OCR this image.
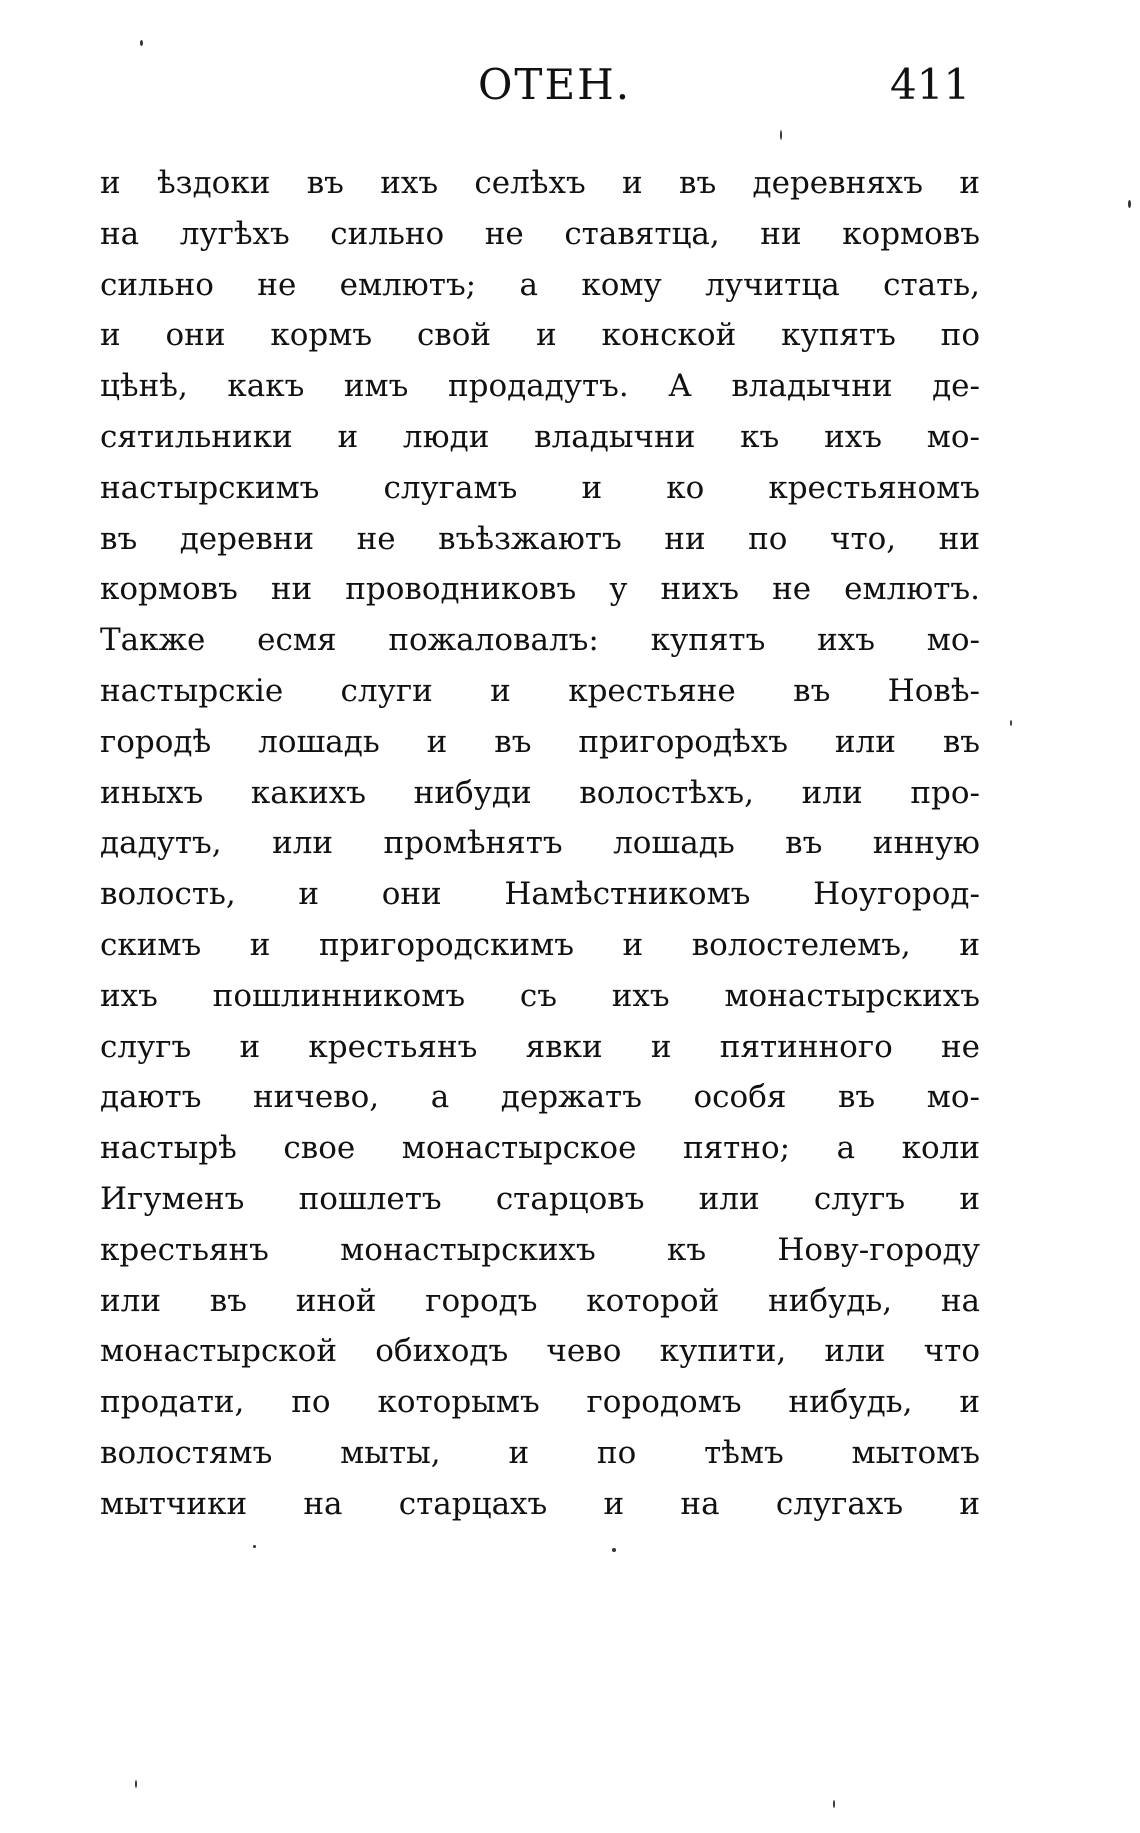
ОТЕН.	411
и ѣздоки въ ихъ селѣхъ и въ деревняхъ и
на лугѣхъ сильно не ставятца, ни кормовъ
сильно не емлютъ; а кому лучитца стать,
и они кормъ свой и конской купятъ по
цѣнѣ, какъ имъ продадутъ. А владычни де-
сятильники и люди владычни къ ихъ мо-
настырскимъ слугамъ и ко крестьяномъ
въ деревни не въѣзжаютъ ни по что, ни
кормовъ ни проводниковъ у нихъ не емлютъ.
Также есмя пожаловалъ: купятъ ихъ мо-
настырскіе слуги и крестьяне въ Новѣ-
городѣ лошадь и въ пригородѣхъ или въ
иныхъ какихъ нибуди волостѣхъ, или про-
дадутъ, или промѣнятъ лошадь въ инную
волость, и они Намѣстникомъ Ноугород-
скимъ и пригородскимъ и волостелемъ, и
ихъ пошлинникомъ съ ихъ монастырскихъ
слугъ и крестьянъ явки и пятинного не
даютъ ничево, а держатъ особя въ мо-
настырѣ свое монастырское пятно; а коли
Игуменъ пошлетъ старцовъ или слугъ и
крестьянъ монастырскихъ къ Нову-городу
или въ иной городъ которой нибудь, на
монастырской обиходъ чево купити, или что
продати, по которымъ городомъ нибудь, и
волостямъ мыты, и по тѣмъ мытомъ
мытчики на старцахъ и на слугахъ и
